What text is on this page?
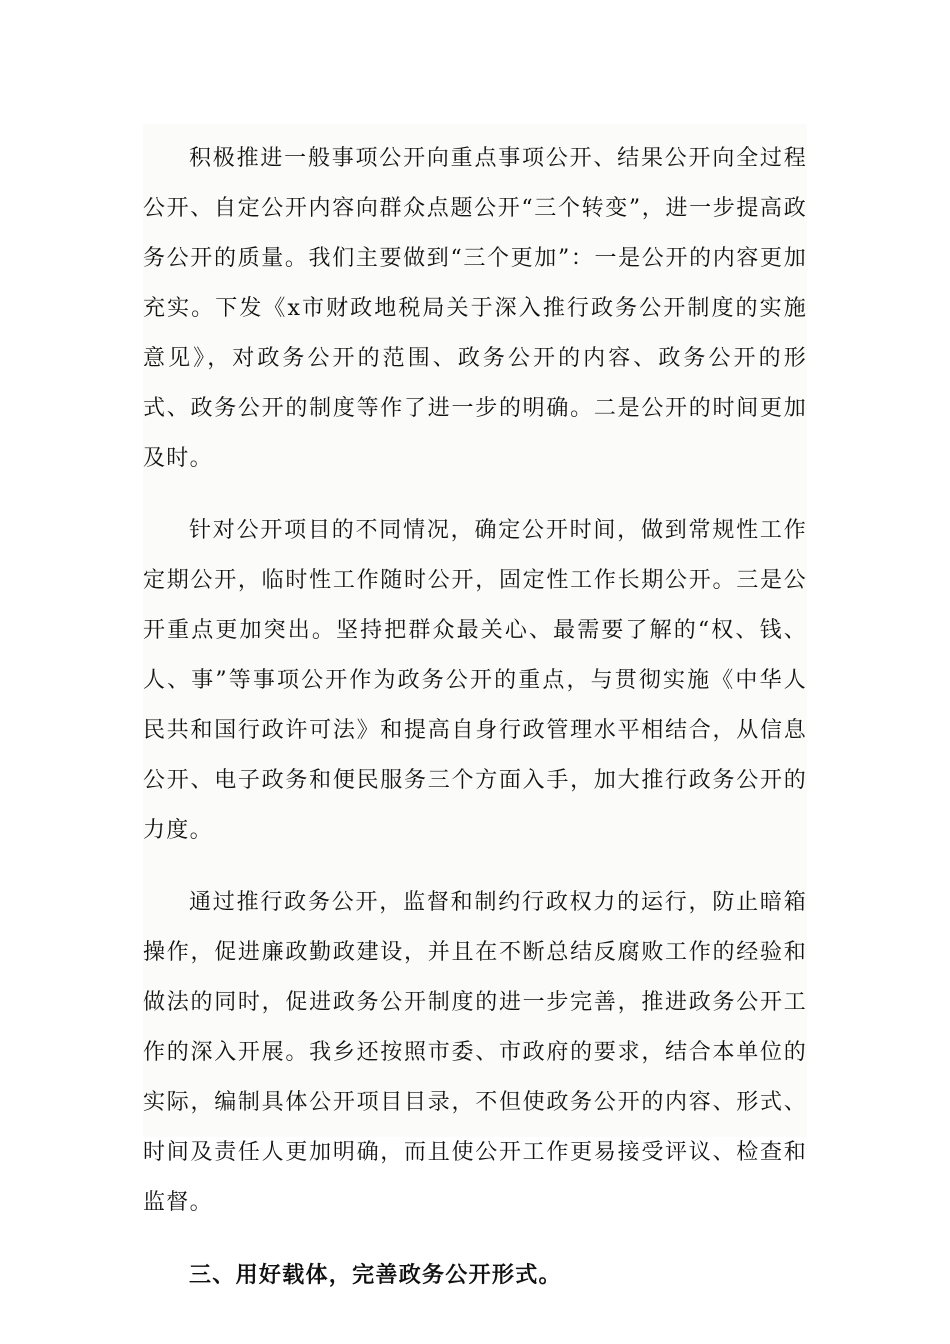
积极推进一般事项公开向重点事项公开、结果公开向全过程公开、自定公开内容向群众点题公开“三个转变”，进一步提高政务公开的质量。我们主要做到“三个更加”：一是公开的内容更加充实。下发《x市财政地税局关于深入推行政务公开制度的实施意见》，对政务公开的范围、政务公开的内容、政务公开的形式、政务公开的制度等作了进一步的明确。二是公开的时间更加及时。

针对公开项目的不同情况，确定公开时间，做到常规性工作定期公开，临时性工作随时公开，固定性工作长期公开。三是公开重点更加突出。坚持把群众最关心、最需要了解的“权、钱、人、事”等事项公开作为政务公开的重点，与贯彻实施《中华人民共和国行政许可法》和提高自身行政管理水平相结合，从信息公开、电子政务和便民服务三个方面入手，加大推行政务公开的力度。

通过推行政务公开，监督和制约行政权力的运行，防止暗箱操作，促进廉政勤政建设，并且在不断总结反腐败工作的经验和做法的同时，促进政务公开制度的进一步完善，推进政务公开工作的深入开展。我乡还按照市委、市政府的要求，结合本单位的实际，编制具体公开项目目录，不但使政务公开的内容、形式、时间及责任人更加明确，而且使公开工作更易接受评议、检查和监督。

三、用好载体，完善政务公开形式。
